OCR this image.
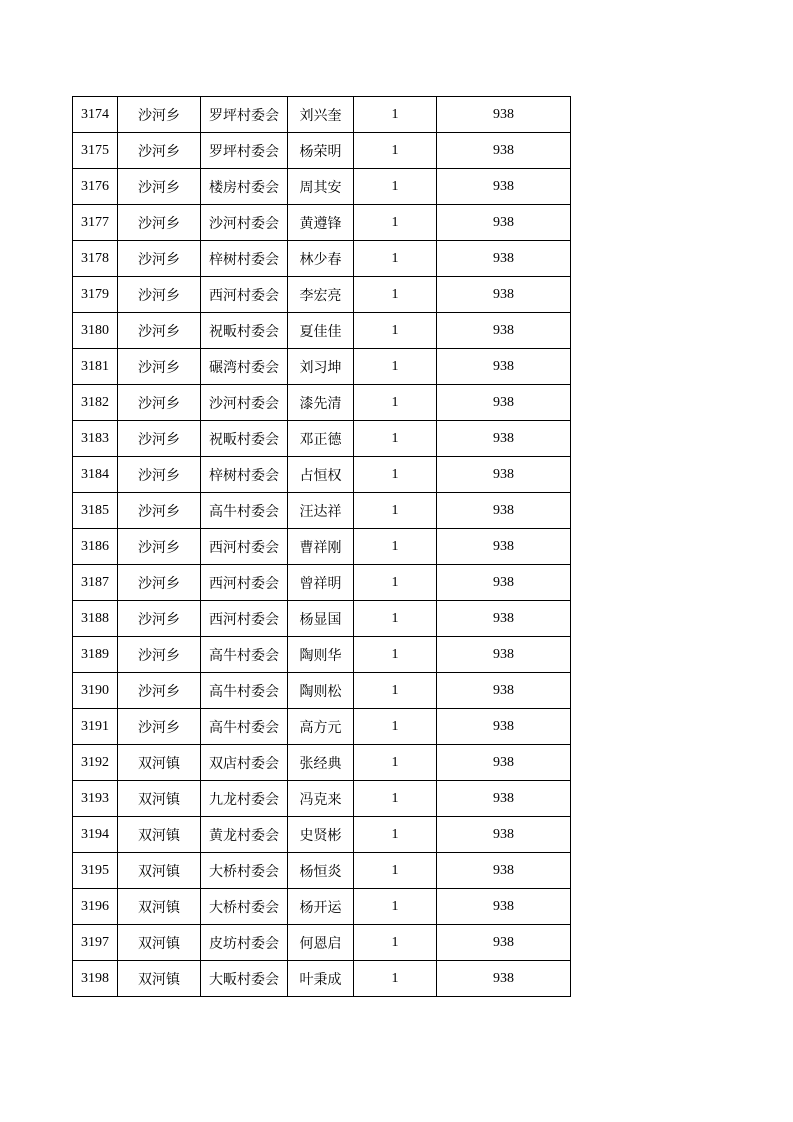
3174	沙河乡	罗坪村委会	刘兴奎	1	938
3175	沙河乡	罗坪村委会	杨荣明	1	938
3176	沙河乡	楼房村委会	周其安	1	938
3177	沙河乡	沙河村委会	黄遵锋	1	938
3178	沙河乡	梓树村委会	林少春	1	938
3179	沙河乡	西河村委会	李宏亮	1	938
3180	沙河乡	祝畈村委会	夏佳佳	1	938
3181	沙河乡	碾湾村委会	刘习坤	1	938
3182	沙河乡	沙河村委会	漆先清	1	938
3183	沙河乡	祝畈村委会	邓正德	1	938
3184	沙河乡	梓树村委会	占恒权	1	938
3185	沙河乡	高牛村委会	汪达祥	1	938
3186	沙河乡	西河村委会	曹祥刚	1	938
3187	沙河乡	西河村委会	曾祥明	1	938
3188	沙河乡	西河村委会	杨显国	1	938
3189	沙河乡	高牛村委会	陶则华	1	938
3190	沙河乡	高牛村委会	陶则松	1	938
3191	沙河乡	高牛村委会	高方元	1	938
3192	双河镇	双店村委会	张经典	1	938
3193	双河镇	九龙村委会	冯克来	1	938
3194	双河镇	黄龙村委会	史贤彬	1	938
3195	双河镇	大桥村委会	杨恒炎	1	938
3196	双河镇	大桥村委会	杨开运	1	938
3197	双河镇	皮坊村委会	何恩启	1	938
3198	双河镇	大畈村委会	叶秉成	1	938
